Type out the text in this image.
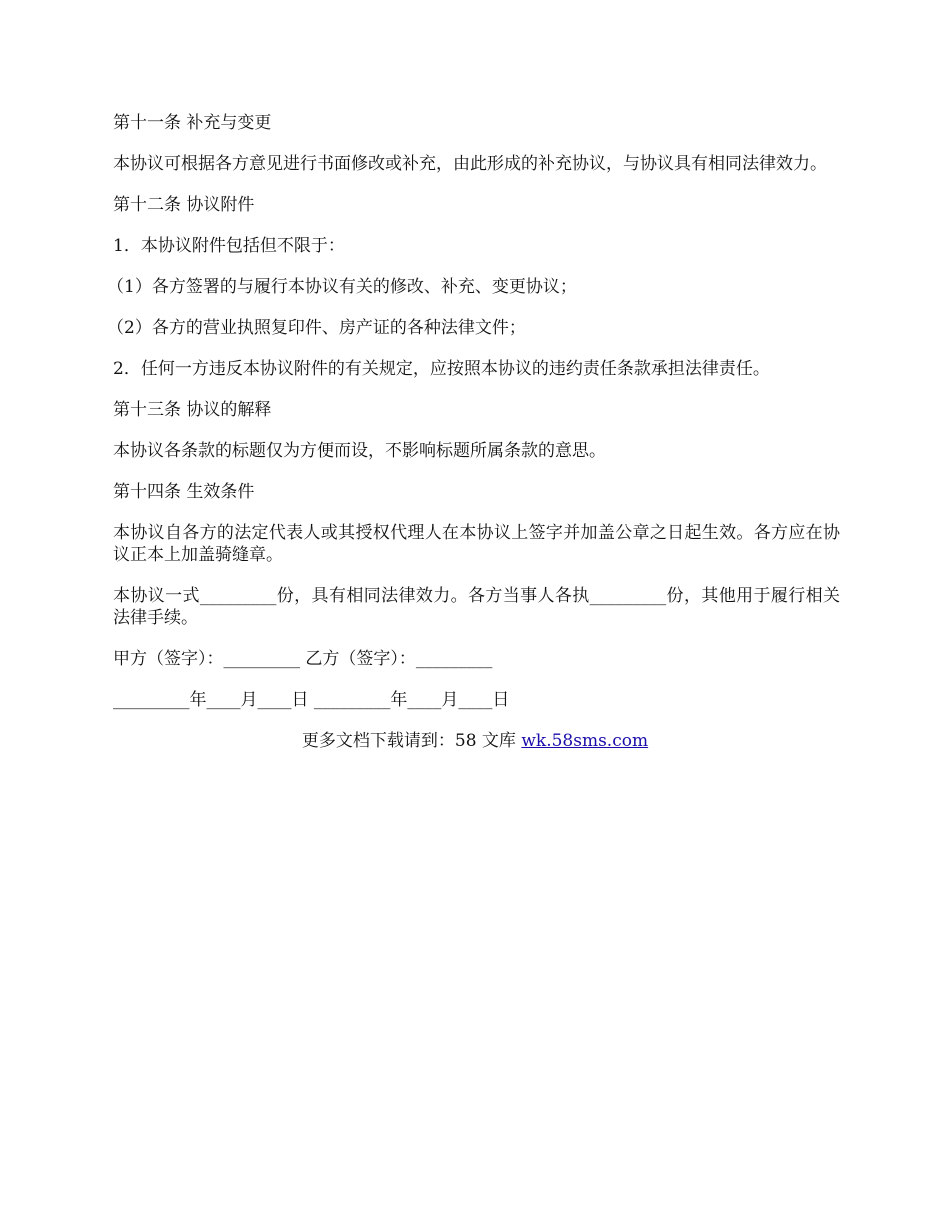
第十一条 补充与变更

本协议可根据各方意见进行书面修改或补充，由此形成的补充协议，与协议具有相同法律效力。

第十二条 协议附件

1．本协议附件包括但不限于：

（1）各方签署的与履行本协议有关的修改、补充、变更协议；

（2）各方的营业执照复印件、房产证的各种法律文件；

2．任何一方违反本协议附件的有关规定，应按照本协议的违约责任条款承担法律责任。

第十三条 协议的解释

本协议各条款的标题仅为方便而设，不影响标题所属条款的意思。

第十四条 生效条件

本协议自各方的法定代表人或其授权代理人在本协议上签字并加盖公章之日起生效。各方应在协议正本上加盖骑缝章。

本协议一式_________份，具有相同法律效力。各方当事人各执_________份，其他用于履行相关法律手续。

甲方（签字）：_________ 乙方（签字）：_________

_________年____月____日 _________年____月____日

更多文档下载请到：58 文库 wk.58sms.com
